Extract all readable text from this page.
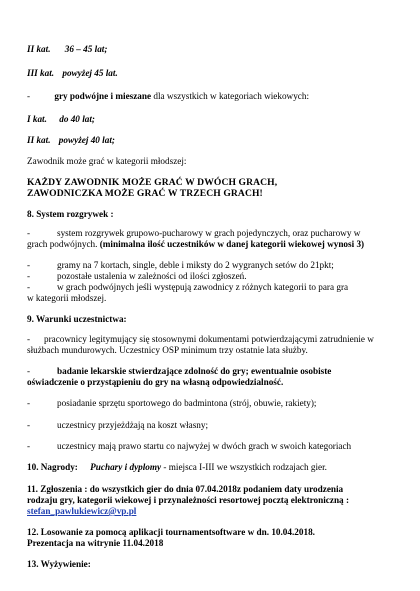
II kat. 36 – 45 lat;
III kat. powyżej 45 lat.
-	gry podwójne i mieszane dla wszystkich w kategoriach wiekowych:
I kat. do 40 lat;
II kat. powyżej 40 lat;
Zawodnik może grać w kategorii młodszej:
KAŻDY ZAWODNIK MOŻE GRAĆ W DWÓCH GRACH,
ZAWODNICZKA MOŻE GRAĆ W TRZECH GRACH!
8. System rozgrywek :
-	system rozgrywek grupowo-pucharowy w grach pojedynczych, oraz pucharowy w
grach podwójnych. (minimalna ilość uczestników w danej kategorii wiekowej wynosi 3)
-	gramy na 7 kortach, single, deble i miksty do 2 wygranych setów do 21pkt;
-	pozostałe ustalenia w zależności od ilości zgłoszeń.
-	w grach podwójnych jeśli występują zawodnicy z różnych kategorii to para gra
w kategorii młodszej.
9. Warunki uczestnictwa:
- pracownicy legitymujący się stosownymi dokumentami potwierdzającymi zatrudnienie w
służbach mundurowych. Uczestnicy OSP minimum trzy ostatnie lata służby.
-	badanie lekarskie stwierdzające zdolność do gry; ewentualnie osobiste
oświadczenie o przystąpieniu do gry na własną odpowiedzialność.
-	posiadanie sprzętu sportowego do badmintona (strój, obuwie, rakiety);
-	uczestnicy przyjeżdżają na koszt własny;
-	uczestnicy mają prawo startu co najwyżej w dwóch grach w swoich kategoriach
10. Nagrody: Puchary i dyplomy - miejsca I-III we wszystkich rodzajach gier.
11. Zgłoszenia : do wszystkich gier do dnia 07.04.2018z podaniem daty urodzenia
rodzaju gry, kategorii wiekowej i przynależności resortowej pocztą elektroniczną :
stefan_pawlukiewicz@vp.pl
12. Losowanie za pomocą aplikacji tournamentsoftware w dn. 10.04.2018.
Prezentacja na witrynie 11.04.2018
13. Wyżywienie:
